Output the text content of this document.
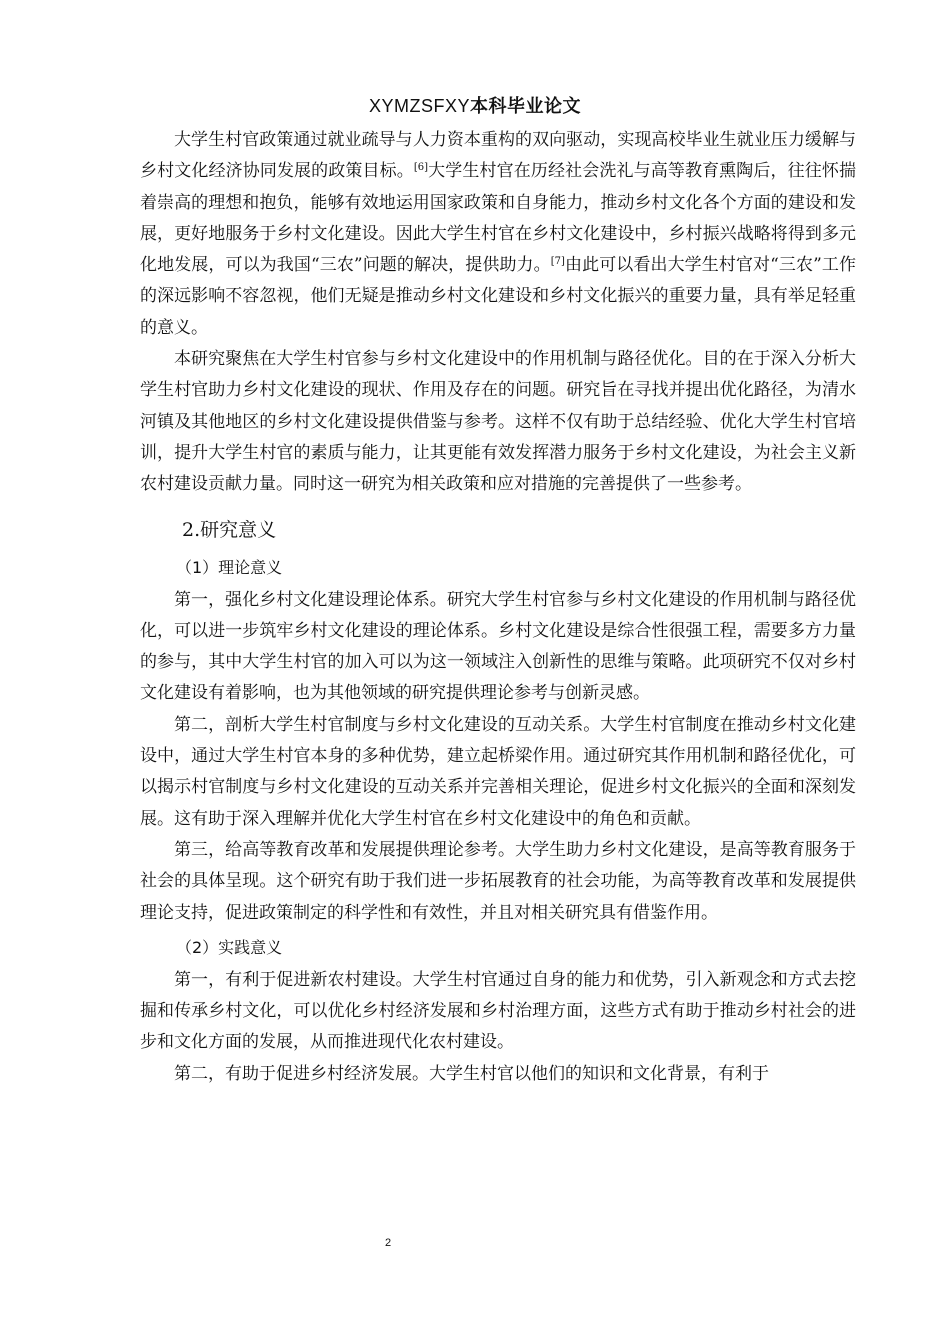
XYMZSFXY本科毕业论文

大学生村官政策通过就业疏导与人力资本重构的双向驱动，实现高校毕业生就业压力缓解与乡村文化经济协同发展的政策目标。[6]大学生村官在历经社会洗礼与高等教育熏陶后，往往怀揣着崇高的理想和抱负，能够有效地运用国家政策和自身能力，推动乡村文化各个方面的建设和发展，更好地服务于乡村文化建设。因此大学生村官在乡村文化建设中，乡村振兴战略将得到多元化地发展，可以为我国“三农”问题的解决，提供助力。[7]由此可以看出大学生村官对“三农”工作的深远影响不容忽视，他们无疑是推动乡村文化建设和乡村文化振兴的重要力量，具有举足轻重的意义。

本研究聚焦在大学生村官参与乡村文化建设中的作用机制与路径优化。目的在于深入分析大学生村官助力乡村文化建设的现状、作用及存在的问题。研究旨在寻找并提出优化路径，为清水河镇及其他地区的乡村文化建设提供借鉴与参考。这样不仅有助于总结经验、优化大学生村官培训，提升大学生村官的素质与能力，让其更能有效发挥潜力服务于乡村文化建设，为社会主义新农村建设贡献力量。同时这一研究为相关政策和应对措施的完善提供了一些参考。

2.研究意义
（1）理论意义

第一，强化乡村文化建设理论体系。研究大学生村官参与乡村文化建设的作用机制与路径优化，可以进一步筑牢乡村文化建设的理论体系。乡村文化建设是综合性很强工程，需要多方力量的参与，其中大学生村官的加入可以为这一领域注入创新性的思维与策略。此项研究不仅对乡村文化建设有着影响，也为其他领域的研究提供理论参考与创新灵感。

第二，剖析大学生村官制度与乡村文化建设的互动关系。大学生村官制度在推动乡村文化建设中，通过大学生村官本身的多种优势，建立起桥梁作用。通过研究其作用机制和路径优化，可以揭示村官制度与乡村文化建设的互动关系并完善相关理论，促进乡村文化振兴的全面和深刻发展。这有助于深入理解并优化大学生村官在乡村文化建设中的角色和贡献。

第三，给高等教育改革和发展提供理论参考。大学生助力乡村文化建设，是高等教育服务于社会的具体呈现。这个研究有助于我们进一步拓展教育的社会功能，为高等教育改革和发展提供理论支持，促进政策制定的科学性和有效性，并且对相关研究具有借鉴作用。

（2）实践意义

第一，有利于促进新农村建设。大学生村官通过自身的能力和优势，引入新观念和方式去挖掘和传承乡村文化，可以优化乡村经济发展和乡村治理方面，这些方式有助于推动乡村社会的进步和文化方面的发展，从而推进现代化农村建设。

第二，有助于促进乡村经济发展。大学生村官以他们的知识和文化背景，有利于

2
